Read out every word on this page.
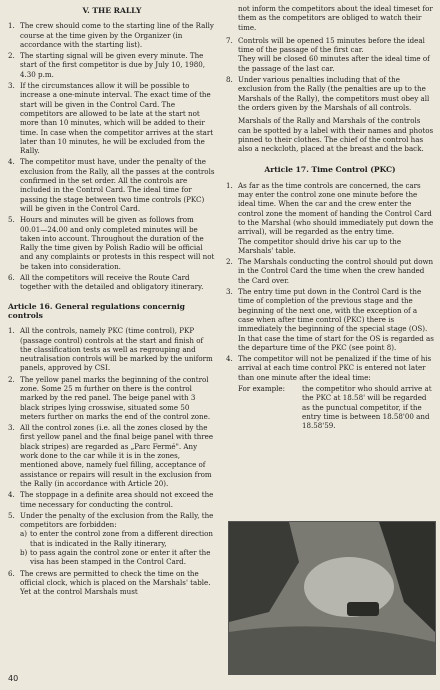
V. THE RALLY
1. The crew should come to the starting line of the Rally course at the time given by the Organizer (in accordance with the starting list).
2. The starting signal will be given every minute. The start of the first competitor is due by July 10, 1980, 4.30 p.m.
3. If the circumstances allow it will be possible to increase a one-minute interval. The exact time of the start will be given in the Control Card. The competitors are allowed to be late at the start not more than 10 minutes, which will be added to their time. In case when the competitor arrives at the start later than 10 minutes, he will be excluded from the Rally.
4. The competitor must have, under the penalty of the exclusion from the Rally, all the passes at the controls confirmed in the set order. All the controls are included in the Control Card. The ideal time for passing the stage between two time controls (PKC) will be given in the Control Card.
5. Hours and minutes will be given as follows from 00.01—24.00 and only completed minutes will be taken into account. Throughout the duration of the Rally the time given by Polish Radio will be official and any complaints or protests in this respect will not be taken into consideration.
6. All the competitors will receive the Route Card together with the detailed and obligatory itinerary.
Article 16. General regulations concernig controls
1. All the controls, namely PKC (time control), PKP (passage control) controls at the start and finish of the classification tests as well as regrouping and neutralisation controls will be marked by the uniform panels, approved by CSI.
2. The yellow panel marks the beginning of the control zone. Some 25 m further on there is the control marked by the red panel. The beige panel with 3 black stripes lying crosswise, situated some 50 meters further on marks the end of the control zone.
3. All the control zones (i.e. all the zones closed by the first yellow panel and the final beige panel with three black stripes) are regarded as „Parc Fermé". Any work done to the car while it is in the zones, mentioned above, namely fuel filling, acceptance of assistance or repairs will result in the exclusion from the Rally (in accordance with Article 20).
4. The stoppage in a definite area should not exceed the time necessary for conducting the control.
5. Under the penalty of the exclusion from the Rally, the competitors are forbidden:

a) to enter the control zone from a different direction that is indicated in the Rally itinerary,
b) to pass again the control zone or enter it after the visa has been stamped in the Control Card.
6. The crews are permitted to check the time on the official clock, which is placed on the Marshals' table. Yet at the control Marshals must

not inform the competitors about the ideal timeset for them as the competitors are obliged to watch their time.

7. Controls will be opened 15 minutes before the ideal time of the passage of the first car.

They will be closed 60 minutes after the ideal time of the passage of the last car.

8. Under various penalties including that of the exclusion from the Rally (the penalties are up to the Marshals of the Rally), the competitors must obey all the orders given by the Marshals of all controls.

Marshals of the Rally and Marshals of the controls can be spotted by a label with their names and photos pinned to their clothes. The chief of the control has also a neckcloth, placed at the breast and the back.

Article 17. Time Control (PKC)
1. As far as the time controls are concerned, the cars may enter the control zone one minute before the ideal time. When the car and the crew enter the control zone the moment of handing the Control Card to the Marshal (who should immediately put down the arrival), will be regarded as the entry time.

The competitor should drive his car up to the Marshals' table.

2. The Marshals conducting the control should put down in the Control Card the time when the crew handed the Card over.
3. The entry time put down in the Control Card is the time of completion of the previous stage and the beginning of the next one, with the exception of a case when after time control (PKC) there is immediately the beginning of the special stage (OS). In that case the time of start for the OS is regarded as the departure time of the PKC (see point 8).
4. The competitor will not be penalized if the time of his arrival at each time control PKC is entered not later than one minute after the ideal time:

For example:	the competitor who should arrive at the PKC at 18.58' will be regarded as the punctual competitor, if the entry time is between 18.58'00 and 18.58'59.
40
